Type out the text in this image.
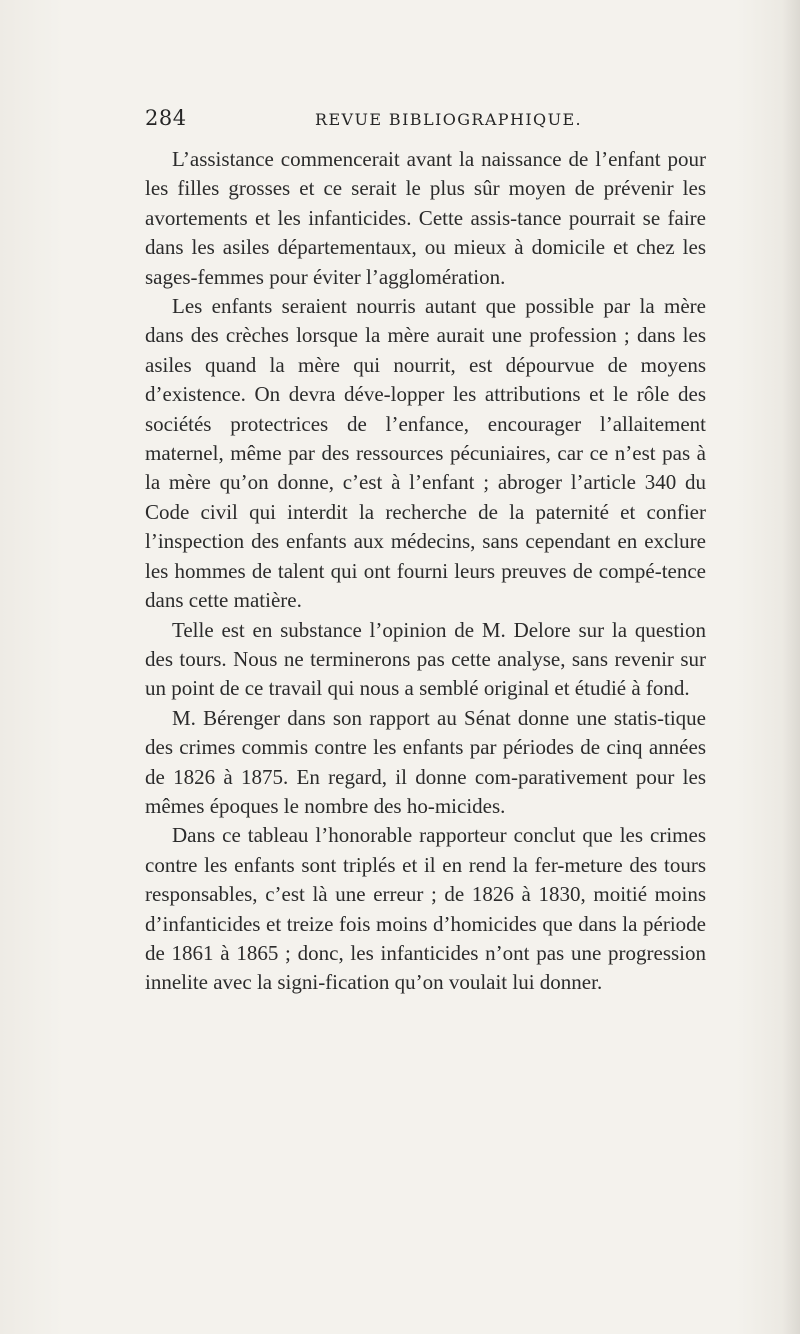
284	REVUE BIBLIOGRAPHIQUE.

L’assistance commencerait avant la naissance de l’enfant pour les filles grosses et ce serait le plus sûr moyen de prévenir les avortements et les infanticides. Cette assis-tance pourrait se faire dans les asiles départementaux, ou mieux à domicile et chez les sages-femmes pour éviter l’agglomération.

Les enfants seraient nourris autant que possible par la mère dans des crèches lorsque la mère aurait une profession ; dans les asiles quand la mère qui nourrit, est dépourvue de moyens d’existence. On devra déve-lopper les attributions et le rôle des sociétés protectrices de l’enfance, encourager l’allaitement maternel, même par des ressources pécuniaires, car ce n’est pas à la mère qu’on donne, c’est à l’enfant ; abroger l’article 340 du Code civil qui interdit la recherche de la paternité et confier l’inspection des enfants aux médecins, sans cependant en exclure les hommes de talent qui ont fourni leurs preuves de compé-tence dans cette matière.

Telle est en substance l’opinion de M. Delore sur la question des tours. Nous ne terminerons pas cette analyse, sans revenir sur un point de ce travail qui nous a semblé original et étudié à fond.

M. Bérenger dans son rapport au Sénat donne une statis-tique des crimes commis contre les enfants par périodes de cinq années de 1826 à 1875. En regard, il donne com-parativement pour les mêmes époques le nombre des ho-micides.

Dans ce tableau l’honorable rapporteur conclut que les crimes contre les enfants sont triplés et il en rend la fer-meture des tours responsables, c’est là une erreur ; de 1826 à 1830, moitié moins d’infanticides et treize fois moins d’homicides que dans la période de 1861 à 1865 ; donc, les infanticides n’ont pas une progression innelite avec la signi-fication qu’on voulait lui donner.
